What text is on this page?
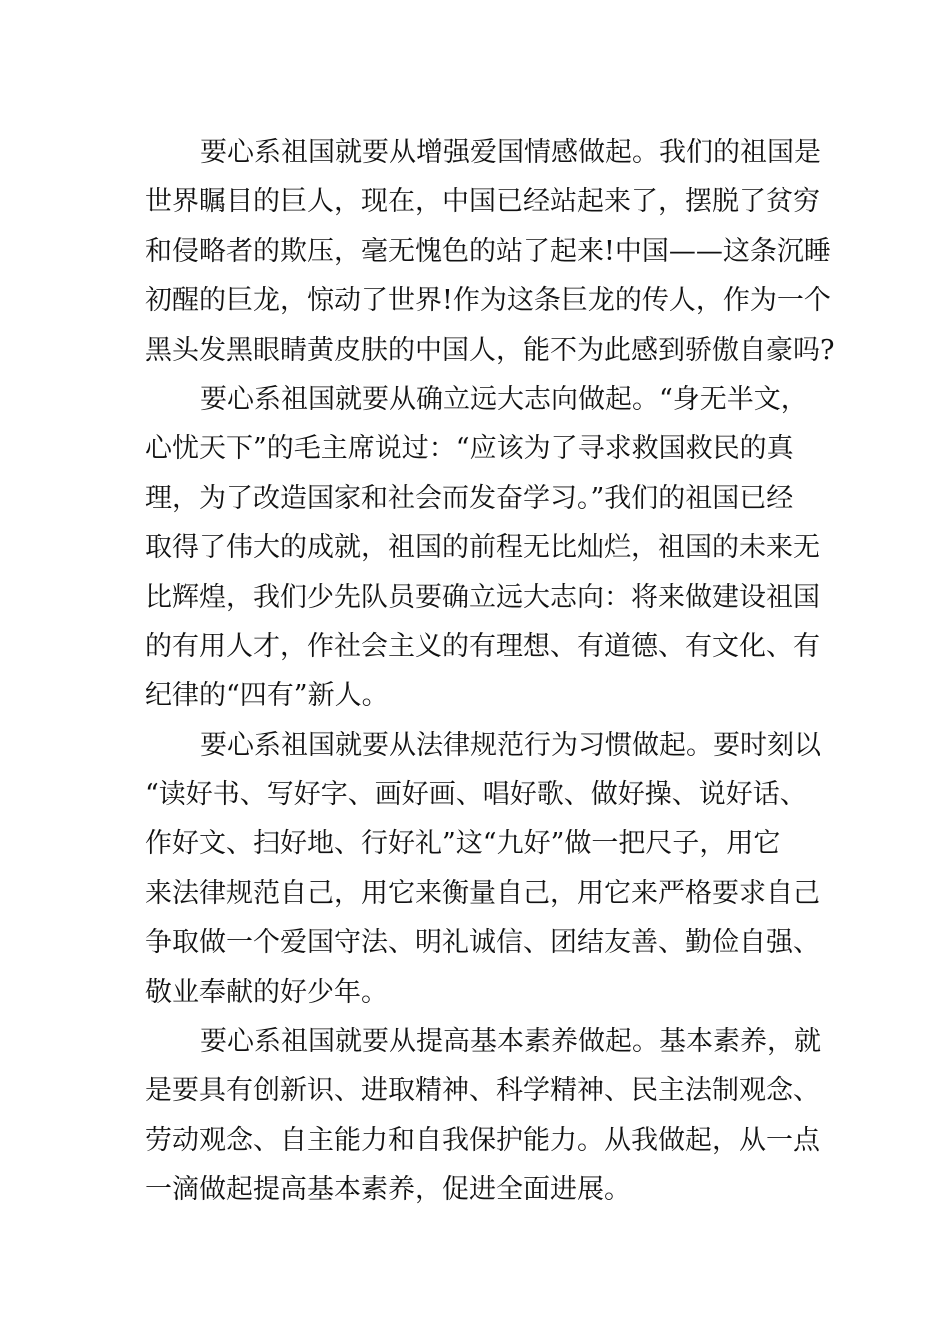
要心系祖国就要从增强爱国情感做起。我们的祖国是
世界瞩目的巨人，现在，中国已经站起来了，摆脱了贫穷
和侵略者的欺压，毫无愧色的站了起来!中国——这条沉睡
初醒的巨龙，惊动了世界!作为这条巨龙的传人，作为一个
黑头发黑眼睛黄皮肤的中国人，能不为此感到骄傲自豪吗?
要心系祖国就要从确立远大志向做起。“身无半文，
心忧天下”的毛主席说过：“应该为了寻求救国救民的真
理，为了改造国家和社会而发奋学习。”我们的祖国已经
取得了伟大的成就，祖国的前程无比灿烂，祖国的未来无
比辉煌，我们少先队员要确立远大志向：将来做建设祖国
的有用人才，作社会主义的有理想、有道德、有文化、有
纪律的“四有”新人。
要心系祖国就要从法律规范行为习惯做起。要时刻以
“读好书、写好字、画好画、唱好歌、做好操、说好话、
作好文、扫好地、行好礼”这“九好”做一把尺子，用它
来法律规范自己，用它来衡量自己，用它来严格要求自己
争取做一个爱国守法、明礼诚信、团结友善、勤俭自强、
敬业奉献的好少年。
要心系祖国就要从提高基本素养做起。基本素养，就
是要具有创新识、进取精神、科学精神、民主法制观念、
劳动观念、自主能力和自我保护能力。从我做起，从一点
一滴做起提高基本素养，促进全面进展。
